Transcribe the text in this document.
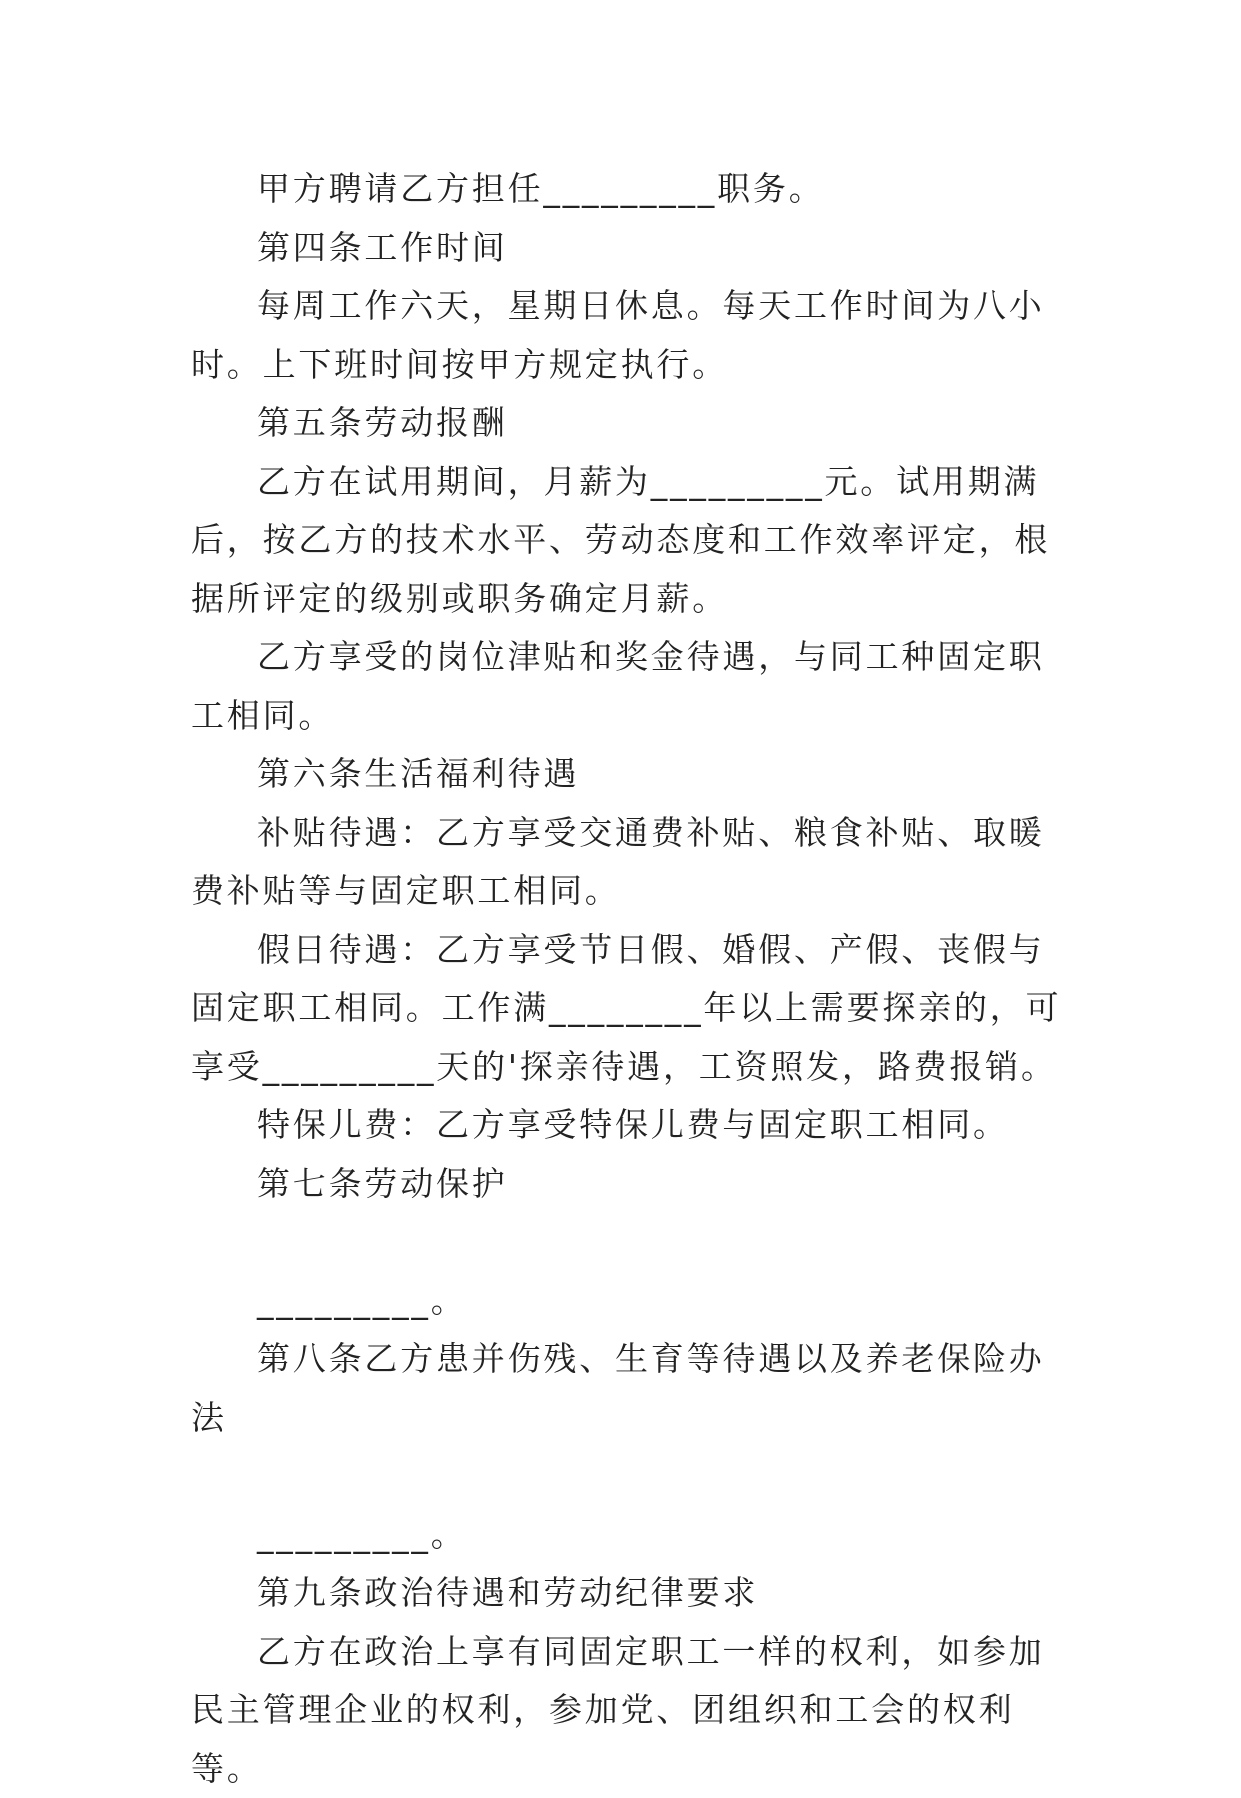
甲方聘请乙方担任_________职务。

第四条工作时间

每周工作六天，星期日休息。每天工作时间为八小时。上下班时间按甲方规定执行。

第五条劳动报酬

乙方在试用期间，月薪为_________元。试用期满后，按乙方的技术水平、劳动态度和工作效率评定，根据所评定的级别或职务确定月薪。

乙方享受的岗位津贴和奖金待遇，与同工种固定职工相同。

第六条生活福利待遇

补贴待遇：乙方享受交通费补贴、粮食补贴、取暖费补贴等与固定职工相同。

假日待遇：乙方享受节日假、婚假、产假、丧假与固定职工相同。工作满________年以上需要探亲的，可享受_________天的'探亲待遇，工资照发，路费报销。

特保儿费：乙方享受特保儿费与固定职工相同。

第七条劳动保护

_________。

第八条乙方患并伤残、生育等待遇以及养老保险办法

_________。

第九条政治待遇和劳动纪律要求

乙方在政治上享有同固定职工一样的权利，如参加民主管理企业的权利，参加党、团组织和工会的权利等。
